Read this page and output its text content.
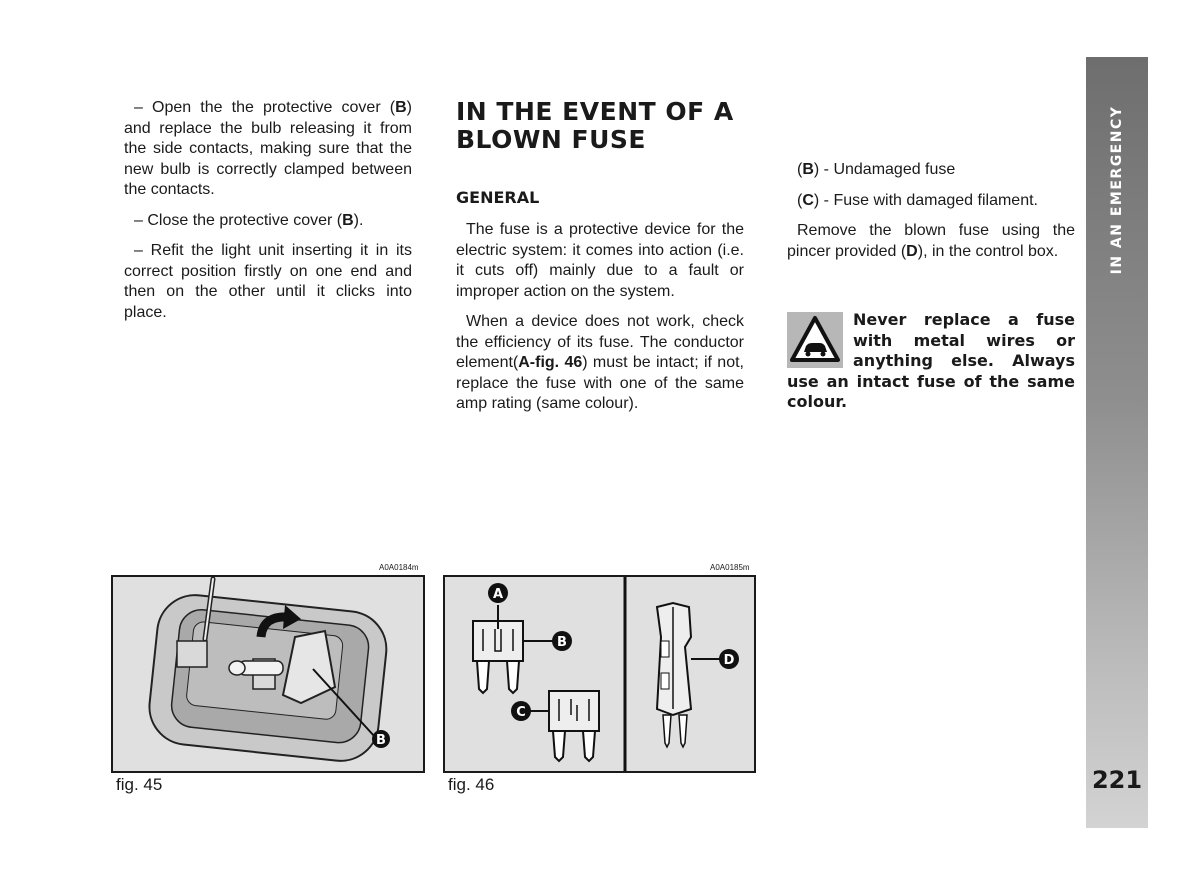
– Open the the protective cover (B) and replace the bulb releasing it from the side contacts, making sure that the new bulb is correctly clamped between the contacts.

– Close the protective cover (B).

– Refit the light unit inserting it in its correct position firstly on one end and then on the other until it clicks into place.

IN THE EVENT OF A BLOWN FUSE
GENERAL

The fuse is a protective device for the electric system: it comes into action (i.e. it cuts off) mainly due to a fault or improper action on the system.

When a device does not work, check the efficiency of its fuse. The conductor element(A-fig. 46) must be intact; if not, replace the fuse with one of the same amp rating (same colour).

(B) - Undamaged fuse

(C) - Fuse with damaged filament.

Remove the blown fuse using the pincer provided (D), in the control box.

Never replace a fuse with metal wires or anything else. Always use an intact fuse of the same colour.
IN AN EMERGENCY
221
A0A0184m
B
fig. 45
A0A0185m
A
B
C
D
fig. 46
